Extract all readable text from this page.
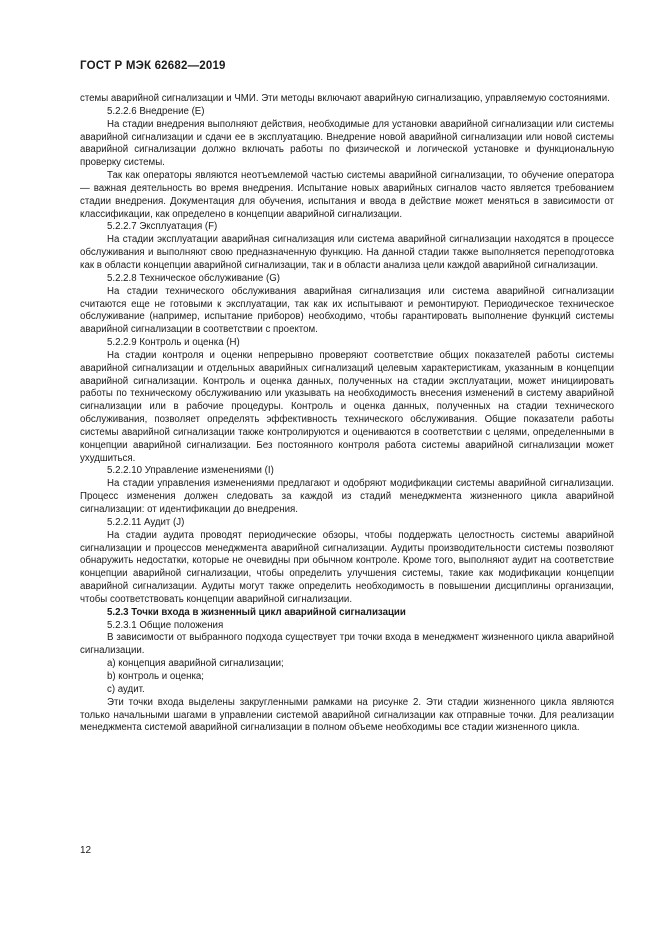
ГОСТ Р МЭК 62682—2019

стемы аварийной сигнализации и ЧМИ. Эти методы включают аварийную сигнализацию, управляемую состояниями.

5.2.2.6 Внедрение (Е)

На стадии внедрения выполняют действия, необходимые для установки аварийной сигнализации или системы аварийной сигнализации и сдачи ее в эксплуатацию. Внедрение новой аварийной сигнализации или новой системы аварийной сигнализации должно включать работы по физической и логической установке и функциональную проверку системы.

Так как операторы являются неотъемлемой частью системы аварийной сигнализации, то обучение оператора — важная деятельность во время внедрения. Испытание новых аварийных сигналов часто является требованием стадии внедрения. Документация для обучения, испытания и ввода в действие может меняться в зависимости от классификации, как определено в концепции аварийной сигнализации.

5.2.2.7 Эксплуатация (F)

На стадии эксплуатации аварийная сигнализация или система аварийной сигнализации находятся в процессе обслуживания и выполняют свою предназначенную функцию. На данной стадии также выполняется переподготовка как в области концепции аварийной сигнализации, так и в области анализа цели каждой аварийной сигнализации.

5.2.2.8 Техническое обслуживание (G)

На стадии технического обслуживания аварийная сигнализация или система аварийной сигнализации считаются еще не готовыми к эксплуатации, так как их испытывают и ремонтируют. Периодическое техническое обслуживание (например, испытание приборов) необходимо, чтобы гарантировать выполнение функций системы аварийной сигнализации в соответствии с проектом.

5.2.2.9 Контроль и оценка (Н)

На стадии контроля и оценки непрерывно проверяют соответствие общих показателей работы системы аварийной сигнализации и отдельных аварийных сигнализаций целевым характеристикам, указанным в концепции аварийной сигнализации. Контроль и оценка данных, полученных на стадии эксплуатации, может инициировать работы по техническому обслуживанию или указывать на необходимость внесения изменений в систему аварийной сигнализации или в рабочие процедуры. Контроль и оценка данных, полученных на стадии технического обслуживания, позволяет определять эффективность технического обслуживания. Общие показатели работы системы аварийной сигнализации также контролируются и оцениваются в соответствии с целями, определенными в концепции аварийной сигнализации. Без постоянного контроля работа системы аварийной сигнализации может ухудшиться.

5.2.2.10 Управление изменениями (I)

На стадии управления изменениями предлагают и одобряют модификации системы аварийной сигнализации. Процесс изменения должен следовать за каждой из стадий менеджмента жизненного цикла аварийной сигнализации: от идентификации до внедрения.

5.2.2.11 Аудит (J)

На стадии аудита проводят периодические обзоры, чтобы поддержать целостность системы аварийной сигнализации и процессов менеджмента аварийной сигнализации. Аудиты производительности системы позволяют обнаружить недостатки, которые не очевидны при обычном контроле. Кроме того, выполняют аудит на соответствие концепции аварийной сигнализации, чтобы определить улучшения системы, такие как модификации концепции аварийной сигнализации. Аудиты могут также определить необходимость в повышении дисциплины организации, чтобы соответствовать концепции аварийной сигнализации.

5.2.3 Точки входа в жизненный цикл аварийной сигнализации

5.2.3.1 Общие положения

В зависимости от выбранного подхода существует три точки входа в менеджмент жизненного цикла аварийной сигнализации.

а) концепция аварийной сигнализации;

b) контроль и оценка;

с) аудит.

Эти точки входа выделены закругленными рамками на рисунке 2. Эти стадии жизненного цикла являются только начальными шагами в управлении системой аварийной сигнализации как отправные точки. Для реализации менеджмента системой аварийной сигнализации в полном объеме необходимы все стадии жизненного цикла.

12
